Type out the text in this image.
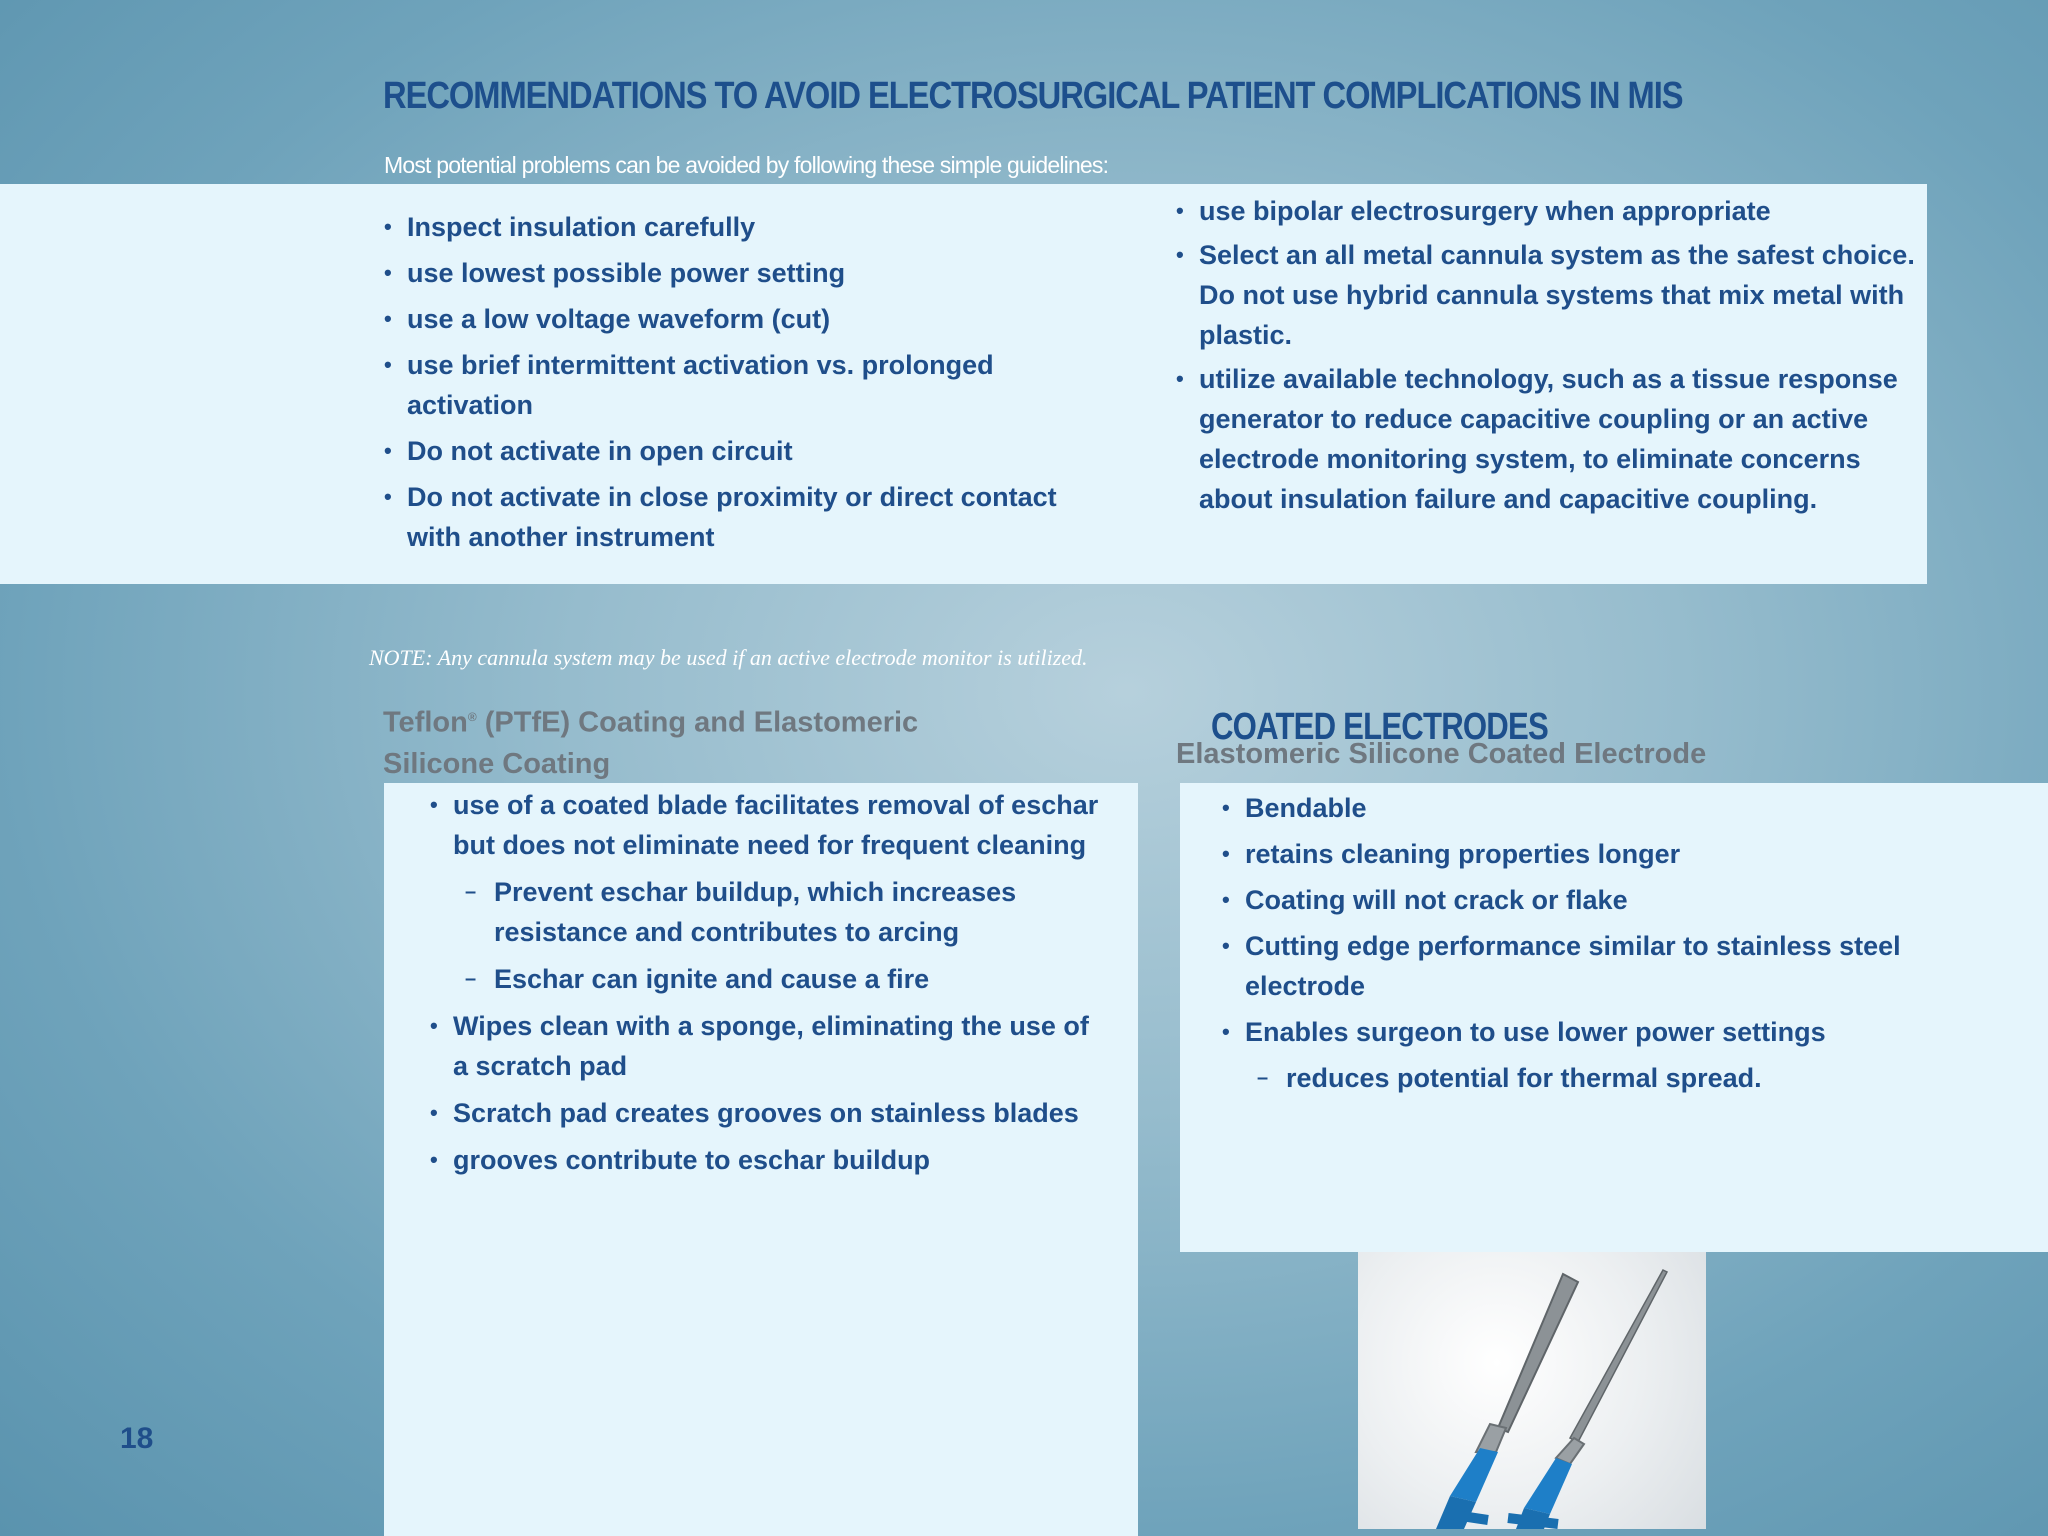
RECOMMENDATIONS TO AVOID ELECTROSURGICAL PATIENT COMPLICATIONS IN MIS

Most potential problems can be avoided by following these simple guidelines:

• Inspect insulation carefully
• use lowest possible power setting
• use a low voltage waveform (cut)
• use brief intermittent activation vs. prolonged activation
• Do not activate in open circuit
• Do not activate in close proximity or direct contact with another instrument
• use bipolar electrosurgery when appropriate
• Select an all metal cannula system as the safest choice. Do not use hybrid cannula systems that mix metal with plastic.
• utilize available technology, such as a tissue response generator to reduce capacitive coupling or an active electrode monitoring system, to eliminate concerns about insulation failure and capacitive coupling.

NOTE: Any cannula system may be used if an active electrode monitor is utilized.

Teflon® (PTfE) Coating and Elastomeric Silicone Coating
• use of a coated blade facilitates removal of eschar but does not eliminate need for frequent cleaning
– Prevent eschar buildup, which increases resistance and contributes to arcing
– Eschar can ignite and cause a fire
• Wipes clean with a sponge, eliminating the use of a scratch pad
• Scratch pad creates grooves on stainless blades
• grooves contribute to eschar buildup
COATED ELECTRODES
Elastomeric Silicone Coated Electrode
• Bendable
• retains cleaning properties longer
• Coating will not crack or flake
• Cutting edge performance similar to stainless steel electrode
• Enables surgeon to use lower power settings
– reduces potential for thermal spread.

18
